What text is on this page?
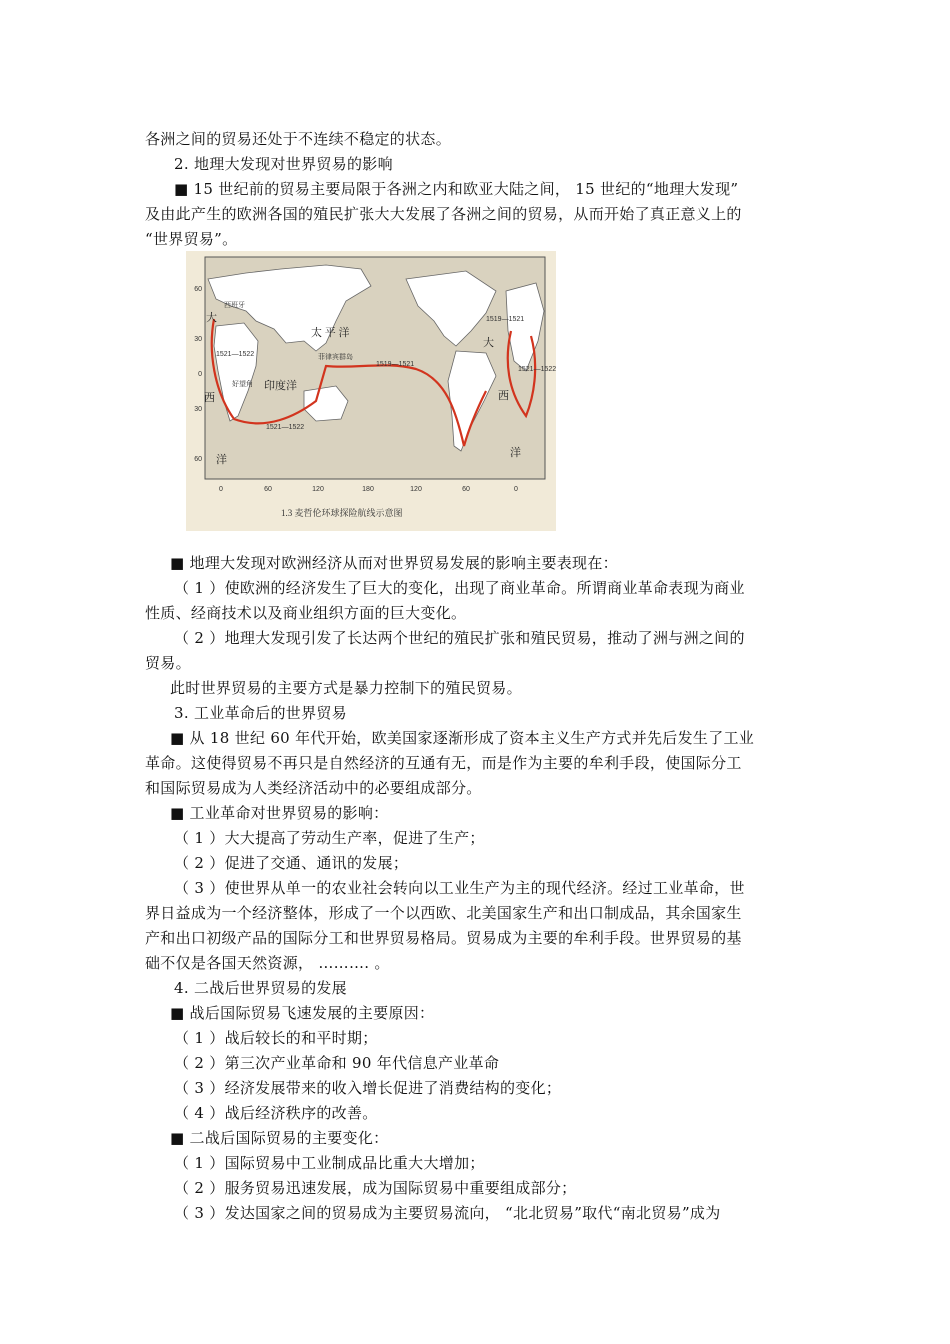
各洲之间的贸易还处于不连续不稳定的状态。
2. 地理大发现对世界贸易的影响
■ 15 世纪前的贸易主要局限于各洲之内和欧亚大陆之间， 15 世纪的“地理大发现”
及由此产生的欧洲各国的殖民扩张大大发展了各洲之间的贸易，从而开始了真正意义上的
“世界贸易”。
太 平 洋
印度洋
大
西
洋
大
西
洋
菲律宾群岛
好望角
西班牙
1519—1521
1521—1522
1521—1522
1519—1521
1521—1522
60
30
0
30
60
0	60	120	180	120	60	0
1.3 麦哲伦环球探险航线示意图
■ 地理大发现对欧洲经济从而对世界贸易发展的影响主要表现在：
（ 1 ）使欧洲的经济发生了巨大的变化，出现了商业革命。所谓商业革命表现为商业
性质、经商技术以及商业组织方面的巨大变化。
（ 2 ）地理大发现引发了长达两个世纪的殖民扩张和殖民贸易，推动了洲与洲之间的
贸易。
此时世界贸易的主要方式是暴力控制下的殖民贸易。
3. 工业革命后的世界贸易
■ 从 18 世纪 60 年代开始，欧美国家逐渐形成了资本主义生产方式并先后发生了工业
革命。这使得贸易不再只是自然经济的互通有无，而是作为主要的牟利手段，使国际分工
和国际贸易成为人类经济活动中的必要组成部分。
■ 工业革命对世界贸易的影响：
（ 1 ）大大提高了劳动生产率，促进了生产；
（ 2 ）促进了交通、通讯的发展；
（ 3 ）使世界从单一的农业社会转向以工业生产为主的现代经济。经过工业革命，世
界日益成为一个经济整体，形成了一个以西欧、北美国家生产和出口制成品，其余国家生
产和出口初级产品的国际分工和世界贸易格局。贸易成为主要的牟利手段。世界贸易的基
础不仅是各国天然资源， ………. 。
4. 二战后世界贸易的发展
■ 战后国际贸易飞速发展的主要原因：
（ 1 ）战后较长的和平时期；
（ 2 ）第三次产业革命和 90 年代信息产业革命
（ 3 ）经济发展带来的收入增长促进了消费结构的变化；
（ 4 ）战后经济秩序的改善。
■ 二战后国际贸易的主要变化：
（ 1 ）国际贸易中工业制成品比重大大增加；
（ 2 ）服务贸易迅速发展，成为国际贸易中重要组成部分；
（ 3 ）发达国家之间的贸易成为主要贸易流向， “北北贸易”取代“南北贸易”成为
